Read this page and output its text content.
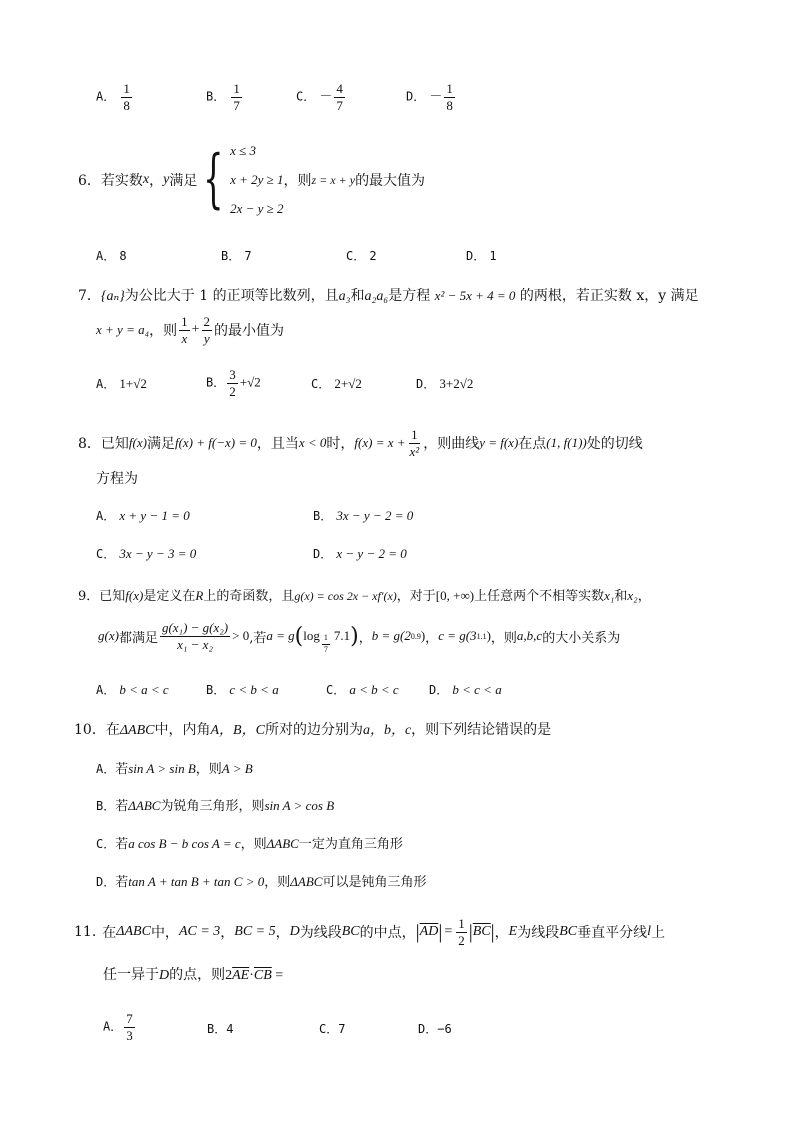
A． $\frac{1}{8}$	B． $\frac{1}{7}$	C． － $\frac{4}{7}$	D． － $\frac{1}{8}$
6． 若实数 x ， y 满足 { x ≤ 3
x + 2y ≥ 1
2x − y ≥ 2
，则 z = x + y 的最大值为
A． 8	B． 7	C． 2	D． 1
7．{aₙ}为公比大于 1 的正项等比数列，且a₃和a₂a₆是方程 x² − 5x + 4 = 0 的两根，若正实数 x，y 满足
x + y = a₄ ，则 $\frac{1}{x} + \frac{2}{y}$ 的最小值为
A． 1+√2	B． $\frac{3}{2} +√2$	C． 2+√2	D． 3+2√2
8． 已知 f(x) 满足 f(x) + f(−x) = 0 ，且当 x < 0 时， $f(x) = x + \frac{1}{\text{x²}}$ ，则曲线 y = f(x) 在点 (1, f(1)) 处的切线
方程为
A． x + y − 1 = 0	B． 3x − y − 2 = 0
C． 3x − y − 3 = 0	D． x − y − 2 = 0
9．已知f(x)是定义在R上的奇函数，且g(x) = cos 2x − xf′(x)，对于[0, +∞)上任意两个不相等实数x₁和x₂，
g(x) 都满足 $\frac{\text{g(x₁) − g(x₂)}}{\text{x₁ − x₂}} > 0$ ,若 a = g ( $\log \frac{1}{7} 7.1$ ) ， b = g(2 0.9 ) ， c = g(3 1.1 ) ，则 a,b,c 的大小关系为
A． b < a < c	B． c < b < a	C． a < b < c	D． b < c < a
10．在ΔABC中，内角A，B，C所对的边分别为a，b，c，则下列结论错误的是
A．若sin A > sin B，则A > B
B．若ΔABC为锐角三角形，则sin A > cos B
C．若a cos B − b cos A = c，则ΔABC一定为直角三角形
D．若tan A + tan B + tan C > 0，则ΔABC可以是钝角三角形
11. 在 ΔABC 中， AC = 3 ， BC = 5 ， D 为线段 BC 的中点， | $\overline{AD}$ | = $\frac{1}{2}$ | $\overline{BC}$ | ， E 为线段 BC 垂直平分线 l 上
任一异于D的点，则$2\overline{AE}\cdot\overline{CB}$ =
A． $\frac{7}{3}$	B．4	C．7	D．−6
